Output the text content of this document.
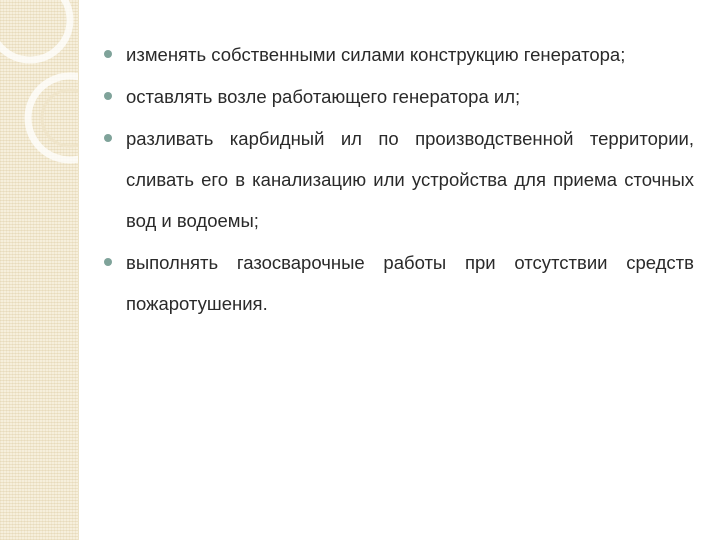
изменять собственными силами конструкцию генератора;
оставлять возле работающего генератора ил;
разливать карбидный ил по производственной территории, сливать его в канализацию или устройства для приема сточных вод и водоемы;
выполнять газосварочные работы при отсутствии средств пожаротушения.
